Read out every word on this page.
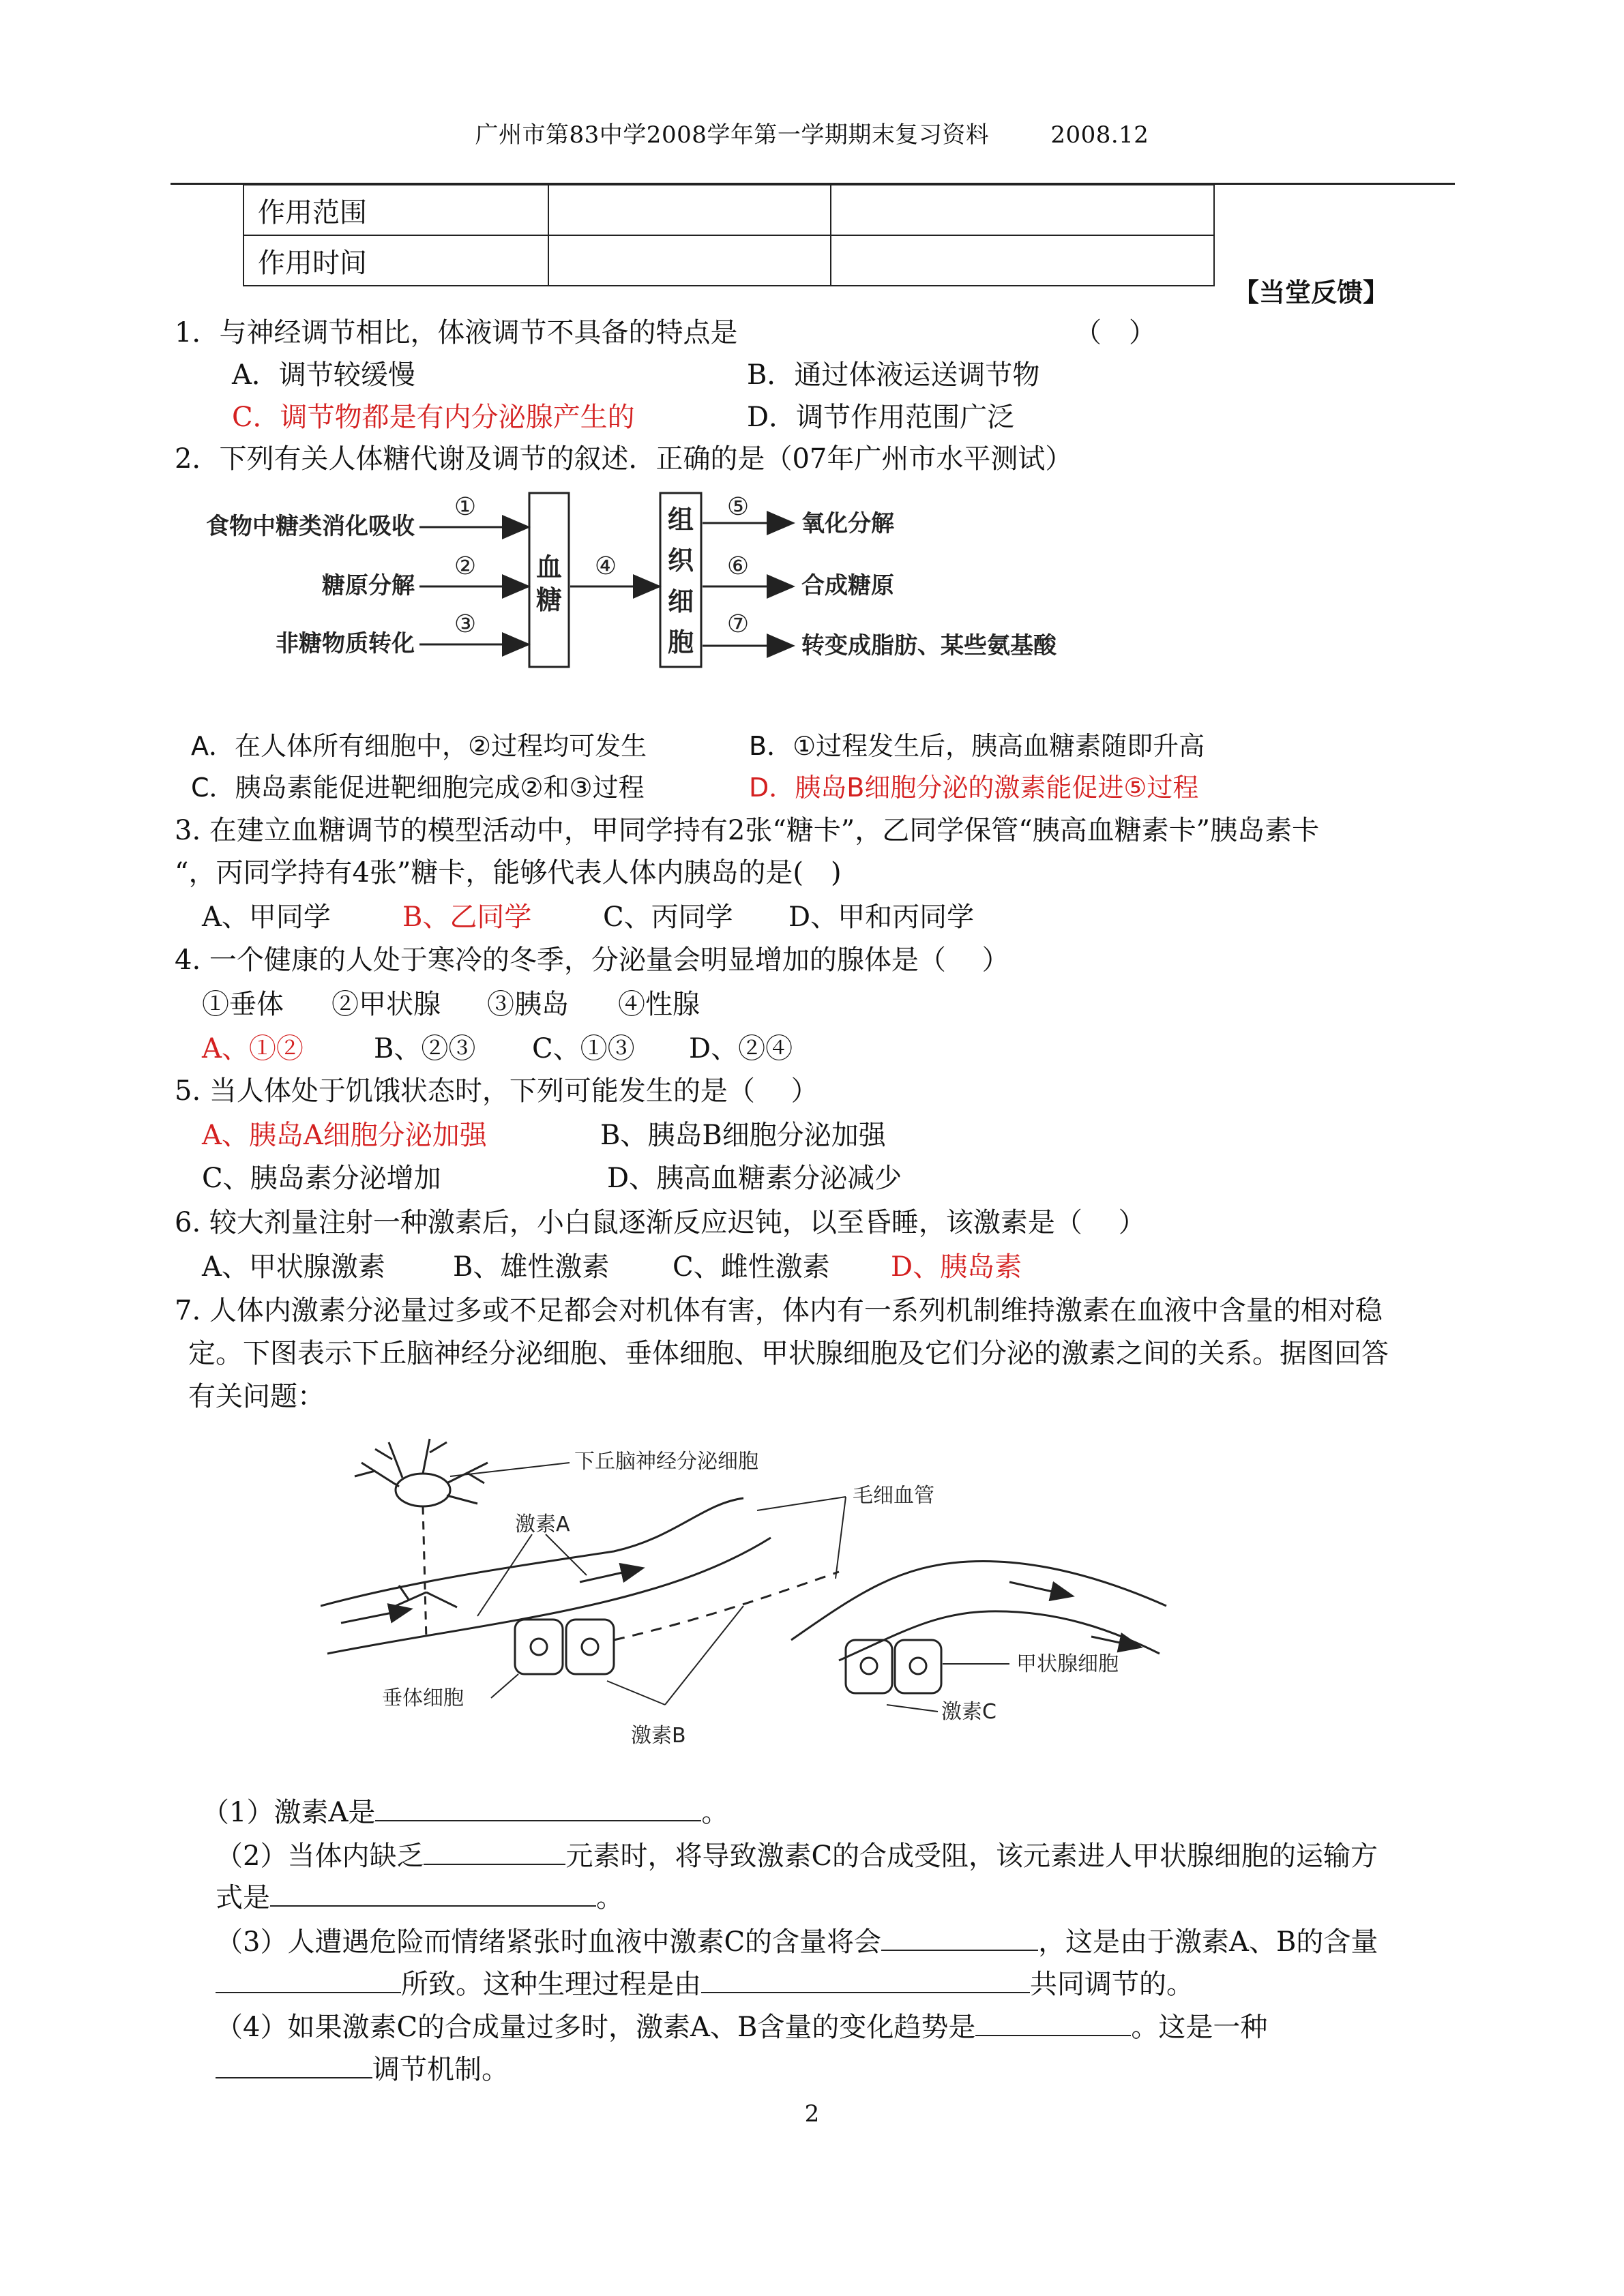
广州市第83中学2008学年第一学期期末复习资料	2008.12
作用范围		
作用时间		
【当堂反馈】
1．与神经调节相比，体液调节不具备的特点是	（　）
A．调节较缓慢	B．通过体液运送调节物
C．调节物都是有内分泌腺产生的	D．调节作用范围广泛
2．下列有关人体糖代谢及调节的叙述．正确的是（07年广州市水平测试）
食物中糖类消化吸收
糖原分解
非糖物质转化
①
②
③
④
⑤
⑥
⑦
血
糖
组
织
细
胞
氧化分解
合成糖原
转变成脂肪、某些氨基酸
A．在人体所有细胞中，②过程均可发生	B．①过程发生后，胰高血糖素随即升高
C．胰岛素能促进靶细胞完成②和③过程	D．胰岛B细胞分泌的激素能促进⑤过程
3. 在建立血糖调节的模型活动中，甲同学持有2张“糖卡”，乙同学保管“胰高血糖素卡”胰岛素卡
“，丙同学持有4张”糖卡，能够代表人体内胰岛的是(　)
A、甲同学	B、乙同学	C、丙同学 D、甲和丙同学
4. 一个健康的人处于寒冷的冬季，分泌量会明显增加的腺体是（　 ）
①垂体 ②甲状腺 ③胰岛 ④性腺
A、①②	B、②③ C、①③ D、②④
5. 当人体处于饥饿状态时，下列可能发生的是（　 ）
A、胰岛A细胞分泌加强	B、胰岛B细胞分泌加强
C、胰岛素分泌增加	D、胰高血糖素分泌减少
6. 较大剂量注射一种激素后，小白鼠逐渐反应迟钝，以至昏睡，该激素是（　 ）
A、甲状腺激素 B、雄性激素 C、雌性激素 D、胰岛素
7. 人体内激素分泌量过多或不足都会对机体有害，体内有一系列机制维持激素在血液中含量的相对稳
定。下图表示下丘脑神经分泌细胞、垂体细胞、甲状腺细胞及它们分泌的激素之间的关系。据图回答
有关问题：
下丘脑神经分泌细胞
激素A
毛细血管
垂体细胞
激素B
甲状腺细胞
激素C
（1）激素A是	。
（2）当体内缺乏	元素时，将导致激素C的合成受阻，该元素进人甲状腺细胞的运输方
式是	。
（3）人遭遇危险而情绪紧张时血液中激素C的含量将会	，这是由于激素A、B的含量
所致。这种生理过程是由	共同调节的。
（4）如果激素C的合成量过多时，激素A、B含量的变化趋势是	。这是一种
调节机制。
2
